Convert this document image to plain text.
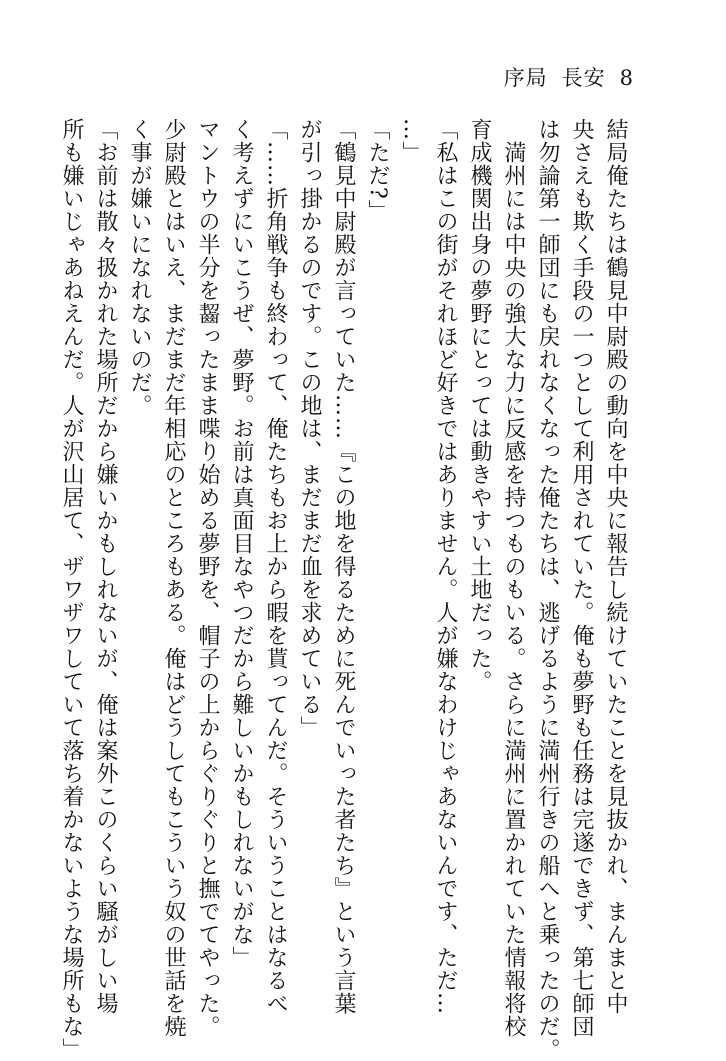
序局 長安 8
結局俺たちは鶴見中尉殿の動向を中央に報告し続けていたことを見抜かれ、まんまと中
央さえも欺く手段の一つとして利用されていた。俺も夢野も任務は完遂できず、第七師団
は勿論第一師団にも戻れなくなった俺たちは、逃げるように満州行きの船へと乗ったのだ。
　満州には中央の強大な力に反感を持つものもいる。さらに満州に置かれていた情報将校
育成機関出身の夢野にとっては動きやすい土地だった。
「私はこの街がそれほど好きではありません。人が嫌なわけじゃあないんです、ただ…
…」
「ただ?」
「鶴見中尉殿が言っていた……『この地を得るために死んでいった者たち』という言葉
が引っ掛かるのです。この地は、まだまだ血を求めている」
「……折角戦争も終わって、俺たちもお上から暇を貰ってんだ。そういうことはなるべ
く考えずにいこうぜ、夢野。お前は真面目なやつだから難しいかもしれないがな」
マントウの半分を齧ったまま喋り始める夢野を、帽子の上からぐりぐりと撫でてやった。
少尉殿とはいえ、まだまだ年相応のところもある。俺はどうしてもこういう奴の世話を焼
く事が嫌いになれないのだ。
「お前は散々扱かれた場所だから嫌いかもしれないが、俺は案外このくらい騒がしい場
所も嫌いじゃあねえんだ。人が沢山居て、ザワザワしていて落ち着かないような場所もな」
